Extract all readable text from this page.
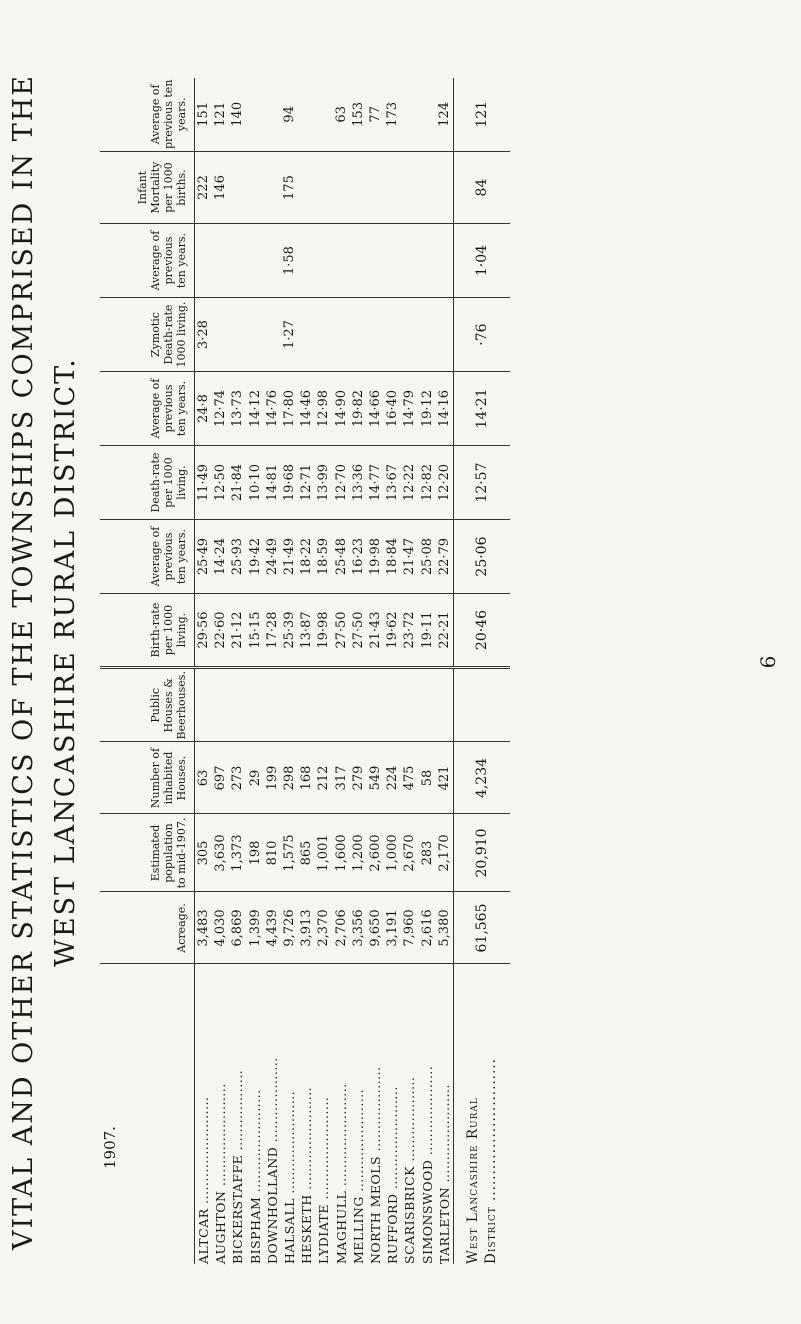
VITAL AND OTHER STATISTICS OF THE TOWNSHIPS COMPRISED IN THE WEST LANCASHIRE RURAL DISTRICT.
1907.	Acreage.	Estimated population to mid-1907.	Number of inhabited Houses.	Public Houses & Beerhouses.	Birth-rate per 1000 living.	Average of previous ten years.	Death-rate per 1000 living.	Average of previous ten years.	Zymotic Death-rate 1000 living.	Average of previous ten years.	Infant Mortality per 1000 births.	Average of previous ten years.
ALTCAR ........................	3,483	305	63		29·56	25·49	11·49	24·8	3·28		222	151
AUGHTON .......................	4,030	3,630	697		22·60	14·24	12·50	12·74			146	121
BICKERSTAFFE ..................	6,869	1,373	273		21·12	25·93	21·84	13·73				140
BISPHAM .......................	1,399	198	29		15·15	19·42	10·10	14·12				
DOWNHOLLAND ...................	4,439	810	199		17·28	24·49	14·81	14·76				
HALSALL .......................	9,726	1,575	298		25·39	21·49	19·68	17·80	1·27	1·58	175	94
HESKETH .......................	3,913	865	168		13·87	18·22	12·71	14·46				
LYDIATE .......................	2,370	1,001	212		19·98	18·59	13·99	12·98				
MAGHULL .......................	2,706	1,600	317		27·50	25·48	12·70	14·90				63
MELLING .......................	3,356	1,200	279		27·50	16·23	13·36	19·82				153
NORTH MEOLS ...................	9,650	2,600	549		21·43	19·98	14·77	14·66				77
RUFFORD .......................	3,191	1,000	224		19·62	18·84	13·67	16·40				173
SCARISBRICK ...................	7,960	2,670	475		23·72	21·47	12·22	14·79				
SIMONSWOOD ....................	2,616	283	58		19·11	25·08	12·82	19·12				
TARLETON ......................	5,380	2,170	421		22·21	22·79	12·20	14·16				124
West Lancashire Rural District ...........................	61,565	20,910	4,234		20·46	25·06	12·57	14·21	·76	1·04	84	121
6
